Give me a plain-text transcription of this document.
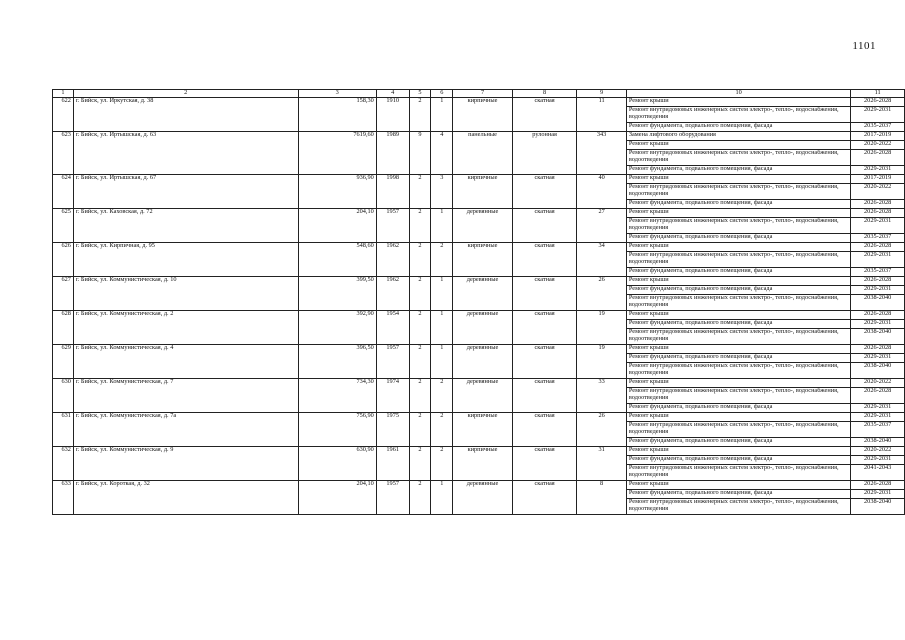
1101
1	2	3	4	5	6	7	8	9	10	11
622	г. Бийск, ул. Иркутская, д. 38	158,30	1910	2	1	кирпичные	скатная	11	Ремонт крыши	2026-2028
									Ремонт внутридомовых инженерных систем электро-, тепло-, водоснабжения, водоотведения	2029-2031
									Ремонт фундамента, подвального помещения, фасада	2035-2037
623	г. Бийск, ул. Иртышская, д. 63	7619,60	1989	9	4	панельные	рулонная	343	Замена лифтового оборудования	2017-2019
									Ремонт крыши	2020-2022
									Ремонт внутридомовых инженерных систем электро-, тепло-, водоснабжения, водоотведения	2026-2028
									Ремонт фундамента, подвального помещения, фасада	2029-2031
624	г. Бийск, ул. Иртышская, д. 67	936,90	1998	2	3	кирпичные	скатная	40	Ремонт крыши	2017-2019
									Ремонт внутридомовых инженерных систем электро-, тепло-, водоснабжения, водоотведения	2020-2022
									Ремонт фундамента, подвального помещения, фасада	2026-2028
625	г. Бийск, ул. Каховская, д. 72	204,10	1957	2	1	деревянные	скатная	27	Ремонт крыши	2026-2028
									Ремонт внутридомовых инженерных систем электро-, тепло-, водоснабжения, водоотведения	2029-2031
									Ремонт фундамента, подвального помещения, фасада	2035-2037
626	г. Бийск, ул. Кирпичная, д. 95	548,60	1962	2	2	кирпичные	скатная	34	Ремонт крыши	2026-2028
									Ремонт внутридомовых инженерных систем электро-, тепло-, водоснабжения, водоотведения	2029-2031
									Ремонт фундамента, подвального помещения, фасада	2035-2037
627	г. Бийск, ул. Коммунистическая, д. 10	399,50	1962	2	1	деревянные	скатная	26	Ремонт крыши	2026-2028
									Ремонт фундамента, подвального помещения, фасада	2029-2031
									Ремонт внутридомовых инженерных систем электро-, тепло-, водоснабжения, водоотведения	2038-2040
628	г. Бийск, ул. Коммунистическая, д. 2	392,90	1954	2	1	деревянные	скатная	19	Ремонт крыши	2026-2028
									Ремонт фундамента, подвального помещения, фасада	2029-2031
									Ремонт внутридомовых инженерных систем электро-, тепло-, водоснабжения, водоотведения	2038-2040
629	г. Бийск, ул. Коммунистическая, д. 4	396,50	1957	2	1	деревянные	скатная	19	Ремонт крыши	2026-2028
									Ремонт фундамента, подвального помещения, фасада	2029-2031
									Ремонт внутридомовых инженерных систем электро-, тепло-, водоснабжения, водоотведения	2038-2040
630	г. Бийск, ул. Коммунистическая, д. 7	734,30	1974	2	2	деревянные	скатная	33	Ремонт крыши	2020-2022
									Ремонт внутридомовых инженерных систем электро-, тепло-, водоснабжения, водоотведения	2026-2028
									Ремонт фундамента, подвального помещения, фасада	2029-2031
631	г. Бийск, ул. Коммунистическая, д. 7а	756,90	1975	2	2	кирпичные	скатная	26	Ремонт крыши	2029-2031
									Ремонт внутридомовых инженерных систем электро-, тепло-, водоснабжения, водоотведения	2035-2037
									Ремонт фундамента, подвального помещения, фасада	2038-2040
632	г. Бийск, ул. Коммунистическая, д. 9	630,90	1961	2	2	кирпичные	скатная	31	Ремонт крыши	2020-2022
									Ремонт фундамента, подвального помещения, фасада	2029-2031
									Ремонт внутридомовых инженерных систем электро-, тепло-, водоснабжения, водоотведения	2041-2043
633	г. Бийск, ул. Короткая, д. 32	204,10	1957	2	1	деревянные	скатная	8	Ремонт крыши	2026-2028
									Ремонт фундамента, подвального помещения, фасада	2029-2031
									Ремонт внутридомовых инженерных систем электро-, тепло-, водоснабжения, водоотведения	2038-2040
